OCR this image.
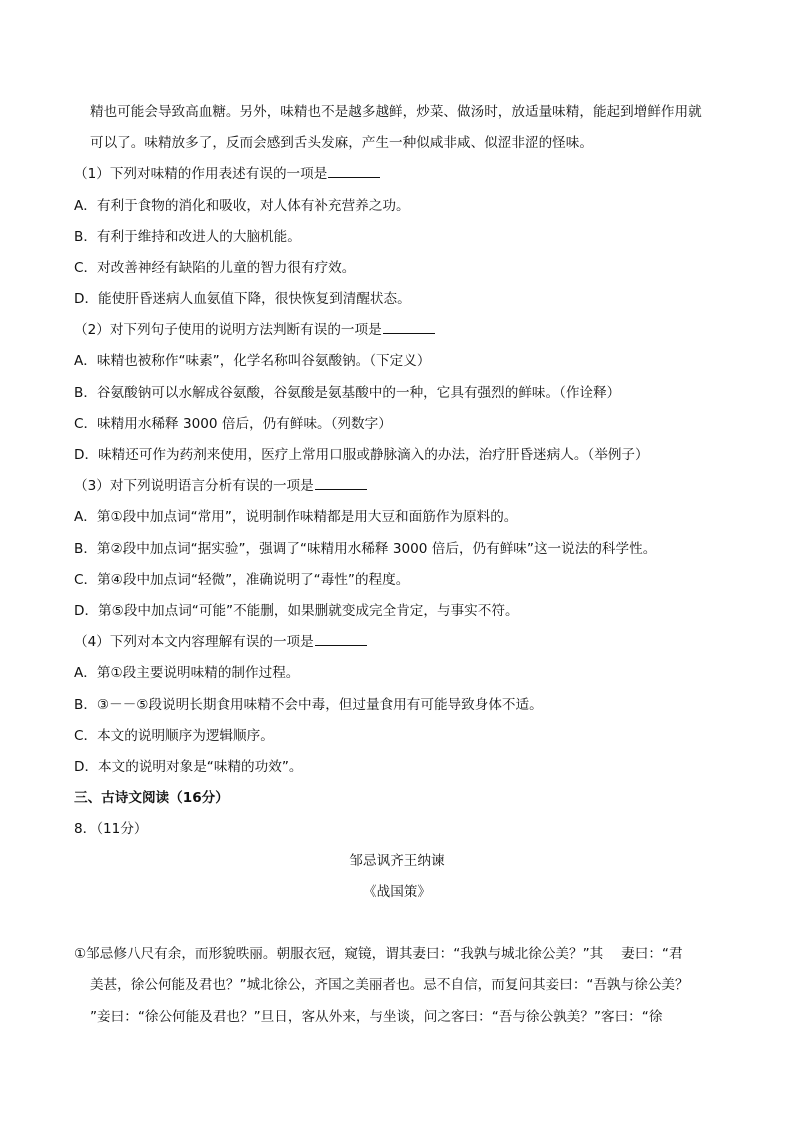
精也可能会导致高血糖。另外，味精也不是越多越鲜，炒菜、做汤时，放适量味精，能起到增鲜作用就
可以了。味精放多了，反而会感到舌头发麻，产生一种似咸非咸、似涩非涩的怪味。
（1）下列对味精的作用表述有误的一项是
A．有利于食物的消化和吸收，对人体有补充营养之功。
B．有利于维持和改进人的大脑机能。
C．对改善神经有缺陷的儿童的智力很有疗效。
D．能使肝昏迷病人血氨值下降，很快恢复到清醒状态。
（2）对下列句子使用的说明方法判断有误的一项是
A．味精也被称作“味素”，化学名称叫谷氨酸钠。（下定义）
B．谷氨酸钠可以水解成谷氨酸，谷氨酸是氨基酸中的一种，它具有强烈的鲜味。（作诠释）
C．味精用水稀释 3000 倍后，仍有鲜味。（列数字）
D．味精还可作为药剂来使用，医疗上常用口服或静脉滴入的办法，治疗肝昏迷病人。（举例子）
（3）对下列说明语言分析有误的一项是
A．第①段中加点词“常用”，说明制作味精都是用大豆和面筋作为原料的。
B．第②段中加点词“据实验”，强调了“味精用水稀释 3000 倍后，仍有鲜味”这一说法的科学性。
C．第④段中加点词“轻微”，准确说明了“毒性”的程度。
D．第⑤段中加点词“可能”不能删，如果删就变成完全肯定，与事实不符。
（4）下列对本文内容理解有误的一项是
A．第①段主要说明味精的制作过程。
B．③－－⑤段说明长期食用味精不会中毒，但过量食用有可能导致身体不适。
C．本文的说明顺序为逻辑顺序。
D．本文的说明对象是“味精的功效”。
三、古诗文阅读（16分）
8．（11分）
邹忌讽齐王纳谏
《战国策》
①邹忌修八尺有余，而形貌昳丽。朝服衣冠，窥镜，谓其妻曰：“我孰与城北徐公美？”其　 妻曰：“君
美甚，徐公何能及君也？”城北徐公，齐国之美丽者也。忌不自信，而复问其妾曰：“吾孰与徐公美？
”妾曰：“徐公何能及君也？”旦日，客从外来，与坐谈，问之客曰：“吾与徐公孰美？”客曰：“徐
